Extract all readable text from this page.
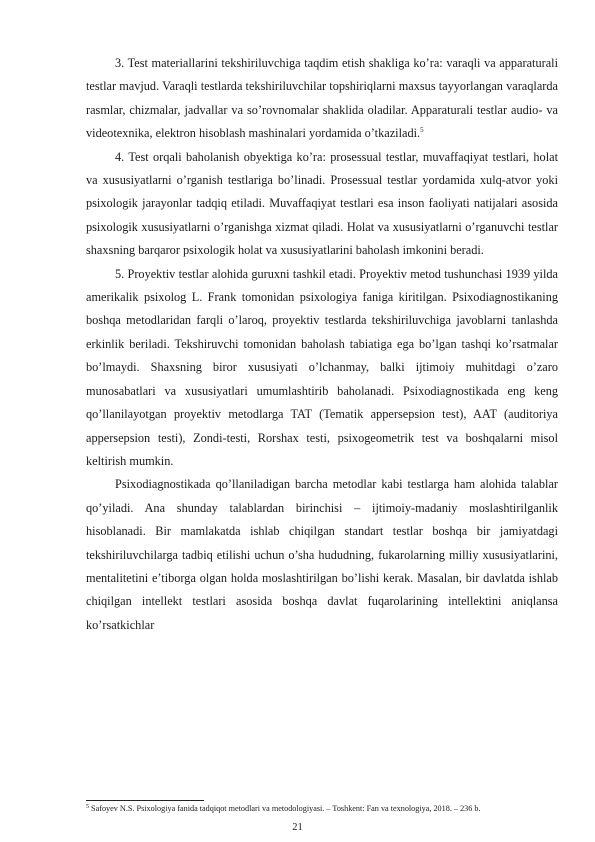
3. Test materiallarini tekshiriluvchiga taqdim etish shakliga ko’ra: varaqli va apparaturali testlar mavjud. Varaqli testlarda tekshiriluvchilar topshiriqlarni maxsus tayyorlangan varaqlarda rasmlar, chizmalar, jadvallar va so’rovnomalar shaklida oladilar. Apparaturali testlar audio- va videotexnika, elektron hisoblash mashinalari yordamida o’tkaziladi.$^5$

4. Test orqali baholanish obyektiga ko’ra: prosessual testlar, muvaffaqiyat testlari, holat va xususiyatlarni o’rganish testlariga bo’linadi. Prosessual testlar yordamida xulq-atvor yoki psixologik jarayonlar tadqiq etiladi. Muvaffaqiyat testlari esa inson faoliyati natijalari asosida psixologik xususiyatlarni o’rganishga xizmat qiladi. Holat va xususiyatlarni o’rganuvchi testlar shaxsning barqaror psixologik holat va xususiyatlarini baholash imkonini beradi.

5. Proyektiv testlar alohida guruxni tashkil etadi. Proyektiv metod tushunchasi 1939 yilda amerikalik psixolog L. Frank tomonidan psixologiya faniga kiritilgan. Psixodiagnostikaning boshqa metodlaridan farqli o’laroq, proyektiv testlarda tekshiriluvchiga javoblarni tanlashda erkinlik beriladi. Tekshiruvchi tomonidan baholash tabiatiga ega bo’lgan tashqi ko’rsatmalar bo’lmaydi. Shaxsning biror xususiyati o’lchanmay, balki ijtimoiy muhitdagi o’zaro munosabatlari va xususiyatlari umumlashtirib baholanadi. Psixodiagnostikada eng keng qo’llanilayotgan proyektiv metodlarga TAT (Tematik appersepsion test), AAT (auditoriya appersepsion testi), Zondi-testi, Rorshax testi, psixogeometrik test va boshqalarni misol keltirish mumkin.

Psixodiagnostikada qo’llaniladigan barcha metodlar kabi testlarga ham alohida talablar qo’yiladi. Ana shunday talablardan birinchisi – ijtimoiy-madaniy moslashtirilganlik hisoblanadi. Bir mamlakatda ishlab chiqilgan standart testlar boshqa bir jamiyatdagi tekshiriluvchilarga tadbiq etilishi uchun o’sha hududning, fukarolarning milliy xususiyatlarini, mentalitetini e’tiborga olgan holda moslashtirilgan bo’lishi kerak. Masalan, bir davlatda ishlab chiqilgan intellekt testlari asosida boshqa davlat fuqarolarining intellektini aniqlansa ko’rsatkichlar

$^5$ Safoyev N.S. Psixologiya fanida tadqiqot metodlari va metodologiyasi. – Toshkent: Fan va texnologiya, 2018. – 236 b.
21
